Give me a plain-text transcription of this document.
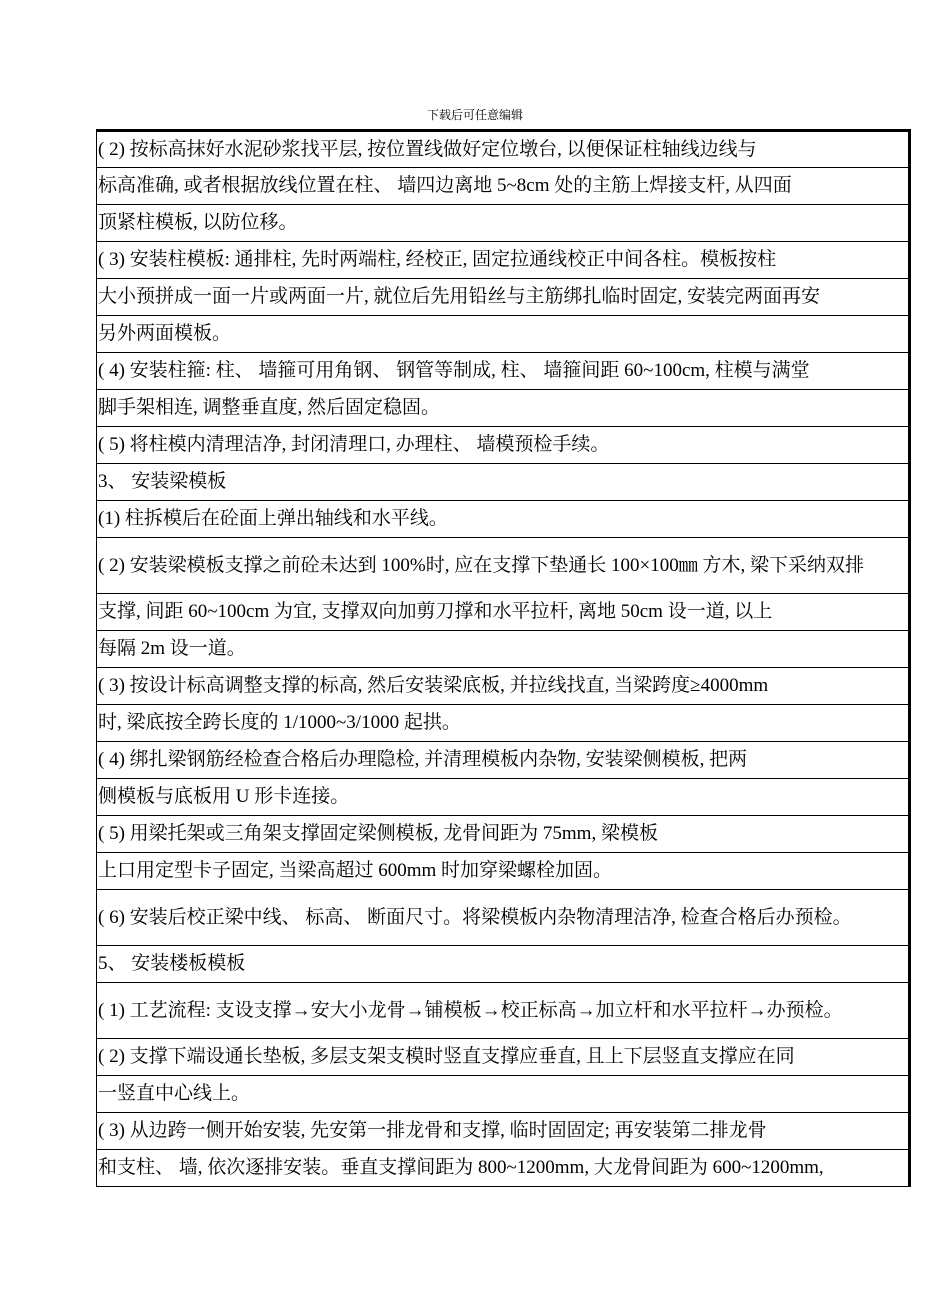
下载后可任意编辑
( 2) 按标高抹好水泥砂浆找平层, 按位置线做好定位墩台, 以便保证柱轴线边线与
标高准确, 或者根据放线位置在柱、 墙四边离地 5~8cm 处的主筋上焊接支杆, 从四面
顶紧柱模板, 以防位移。
( 3) 安装柱模板: 通排柱, 先时两端柱, 经校正, 固定拉通线校正中间各柱。模板按柱
大小预拼成一面一片或两面一片, 就位后先用铅丝与主筋绑扎临时固定, 安装完两面再安
另外两面模板。
( 4) 安装柱箍: 柱、 墙箍可用角钢、 钢管等制成, 柱、 墙箍间距 60~100cm, 柱模与满堂
脚手架相连, 调整垂直度, 然后固定稳固。
( 5) 将柱模内清理洁净, 封闭清理口, 办理柱、 墙模预检手续。
3、 安装梁模板
(1) 柱拆模后在砼面上弹出轴线和水平线。
( 2) 安装梁模板支撑之前砼未达到 100%时, 应在支撑下垫通长 100×100㎜ 方木, 梁下采纳双排
支撑, 间距 60~100cm 为宜, 支撑双向加剪刀撑和水平拉杆, 离地 50cm 设一道, 以上
每隔 2m 设一道。
( 3) 按设计标高调整支撑的标高, 然后安装梁底板, 并拉线找直, 当梁跨度≥4000mm
时, 梁底按全跨长度的 1/1000~3/1000 起拱。
( 4) 绑扎梁钢筋经检查合格后办理隐检, 并清理模板内杂物, 安装梁侧模板, 把两
侧模板与底板用 U 形卡连接。
( 5) 用梁托架或三角架支撑固定梁侧模板, 龙骨间距为 75mm, 梁模板
上口用定型卡子固定, 当梁高超过 600mm 时加穿梁螺栓加固。
( 6) 安装后校正梁中线、 标高、 断面尺寸。将梁模板内杂物清理洁净, 检查合格后办预检。
5、 安装楼板模板
( 1) 工艺流程: 支设支撑→安大小龙骨→铺模板→校正标高→加立杆和水平拉杆→办预检。
( 2) 支撑下端设通长垫板, 多层支架支模时竖直支撑应垂直, 且上下层竖直支撑应在同
一竖直中心线上。
( 3) 从边跨一侧开始安装, 先安第一排龙骨和支撑, 临时固固定; 再安装第二排龙骨
和支柱、 墙, 依次逐排安装。垂直支撑间距为 800~1200mm, 大龙骨间距为 600~1200mm,
